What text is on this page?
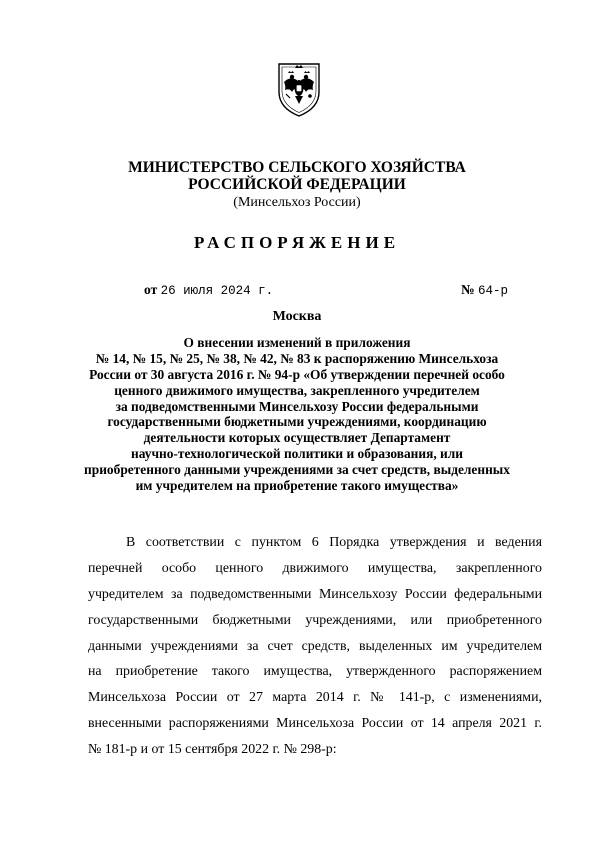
МИНИСТЕРСТВО СЕЛЬСКОГО ХОЗЯЙСТВА
РОССИЙСКОЙ ФЕДЕРАЦИИ
(Минсельхоз России)
РАСПОРЯЖЕНИЕ
от 26 июля 2024 г.	№ 64-р
Москва
О внесении изменений в приложения
№ 14, № 15, № 25, № 38, № 42, № 83 к распоряжению Минсельхоза
России от 30 августа 2016 г. № 94-р «Об утверждении перечней особо
ценного движимого имущества, закрепленного учредителем
за подведомственными Минсельхозу России федеральными
государственными бюджетными учреждениями, координацию
деятельности которых осуществляет Департамент
научно-технологической политики и образования, или
приобретенного данными учреждениями за счет средств, выделенных
им учредителем на приобретение такого имущества»
В соответствии с пунктом 6 Порядка утверждения и ведения
перечней особо ценного движимого имущества, закрепленного
учредителем за подведомственными Минсельхозу России федеральными
государственными бюджетными учреждениями, или приобретенного
данными учреждениями за счет средств, выделенных им учредителем
на приобретение такого имущества, утвержденного распоряжением
Минсельхоза России от 27 марта 2014 г. № 141-р, с изменениями,
внесенными распоряжениями Минсельхоза России от 14 апреля 2021 г.
№ 181-р и от 15 сентября 2022 г. № 298-р:
